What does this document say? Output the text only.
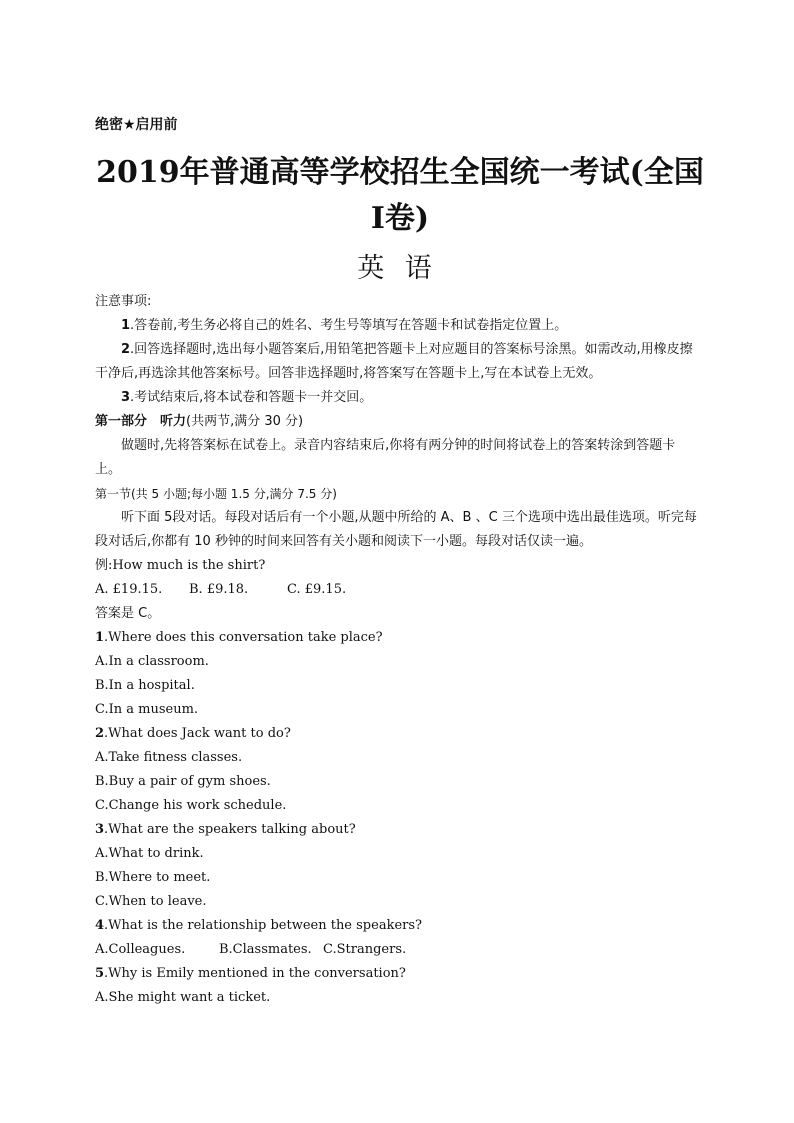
绝密★启用前
2019年普通高等学校招生全国统一考试(全国
Ⅰ卷)
英 语
注意事项:
1.答卷前,考生务必将自己的姓名、考生号等填写在答题卡和试卷指定位置上。
2.回答选择题时,选出每小题答案后,用铅笔把答题卡上对应题目的答案标号涂黑。如需改动,用橡皮擦干净后,再选涂其他答案标号。回答非选择题时,将答案写在答题卡上,写在本试卷上无效。
3.考试结束后,将本试卷和答题卡一并交回。
第一部分　听力(共两节,满分 30 分)
做题时,先将答案标在试卷上。录音内容结束后,你将有两分钟的时间将试卷上的答案转涂到答题卡上。
第一节(共 5 小题;每小题 1.5 分,满分 7.5 分)
听下面 5段对话。每段对话后有一个小题,从题中所给的 A、B 、C 三个选项中选出最佳选项。听完每段对话后,你都有 10 秒钟的时间来回答有关小题和阅读下一小题。每段对话仅读一遍。
例:How much is the shirt?
A. £19.15. B. £9.18.	C. £9.15.
答案是 C。
1.Where does this conversation take place?
A.In a classroom.
B.In a hospital.
C.In a museum.
2.What does Jack want to do?
A.Take fitness classes.
B.Buy a pair of gym shoes.
C.Change his work schedule.
3.What are the speakers talking about?
A.What to drink.
B.Where to meet.
C.When to leave.
4.What is the relationship between the speakers?
A.Colleagues.	B.Classmates. C.Strangers.
5.Why is Emily mentioned in the conversation?
A.She might want a ticket.
